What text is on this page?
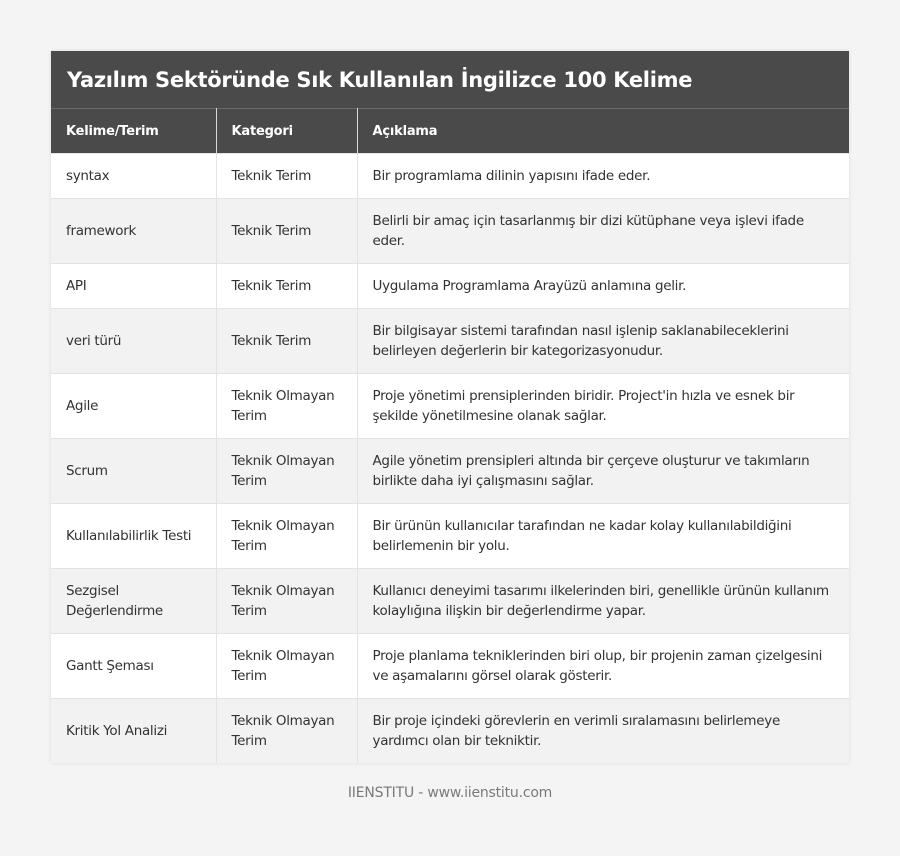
Yazılım Sektöründe Sık Kullanılan İngilizce 100 Kelime
Kelime/Terim	Kategori	Açıklama
syntax	Teknik Terim	Bir programlama dilinin yapısını ifade eder.
framework	Teknik Terim	Belirli bir amaç için tasarlanmış bir dizi kütüphane veya işlevi ifade eder.
API	Teknik Terim	Uygulama Programlama Arayüzü anlamına gelir.
veri türü	Teknik Terim	Bir bilgisayar sistemi tarafından nasıl işlenip saklanabileceklerini belirleyen değerlerin bir kategorizasyonudur.
Agile	Teknik Olmayan Terim	Proje yönetimi prensiplerinden biridir. Project'in hızla ve esnek bir şekilde yönetilmesine olanak sağlar.
Scrum	Teknik Olmayan Terim	Agile yönetim prensipleri altında bir çerçeve oluşturur ve takımların birlikte daha iyi çalışmasını sağlar.
Kullanılabilirlik Testi	Teknik Olmayan Terim	Bir ürünün kullanıcılar tarafından ne kadar kolay kullanılabildiğini belirlemenin bir yolu.
Sezgisel Değerlendirme	Teknik Olmayan Terim	Kullanıcı deneyimi tasarımı ilkelerinden biri, genellikle ürünün kullanım kolaylığına ilişkin bir değerlendirme yapar.
Gantt Şeması	Teknik Olmayan Terim	Proje planlama tekniklerinden biri olup, bir projenin zaman çizelgesini ve aşamalarını görsel olarak gösterir.
Kritik Yol Analizi	Teknik Olmayan Terim	Bir proje içindeki görevlerin en verimli sıralamasını belirlemeye yardımcı olan bir tekniktir.
IIENSTITU - www.iienstitu.com
